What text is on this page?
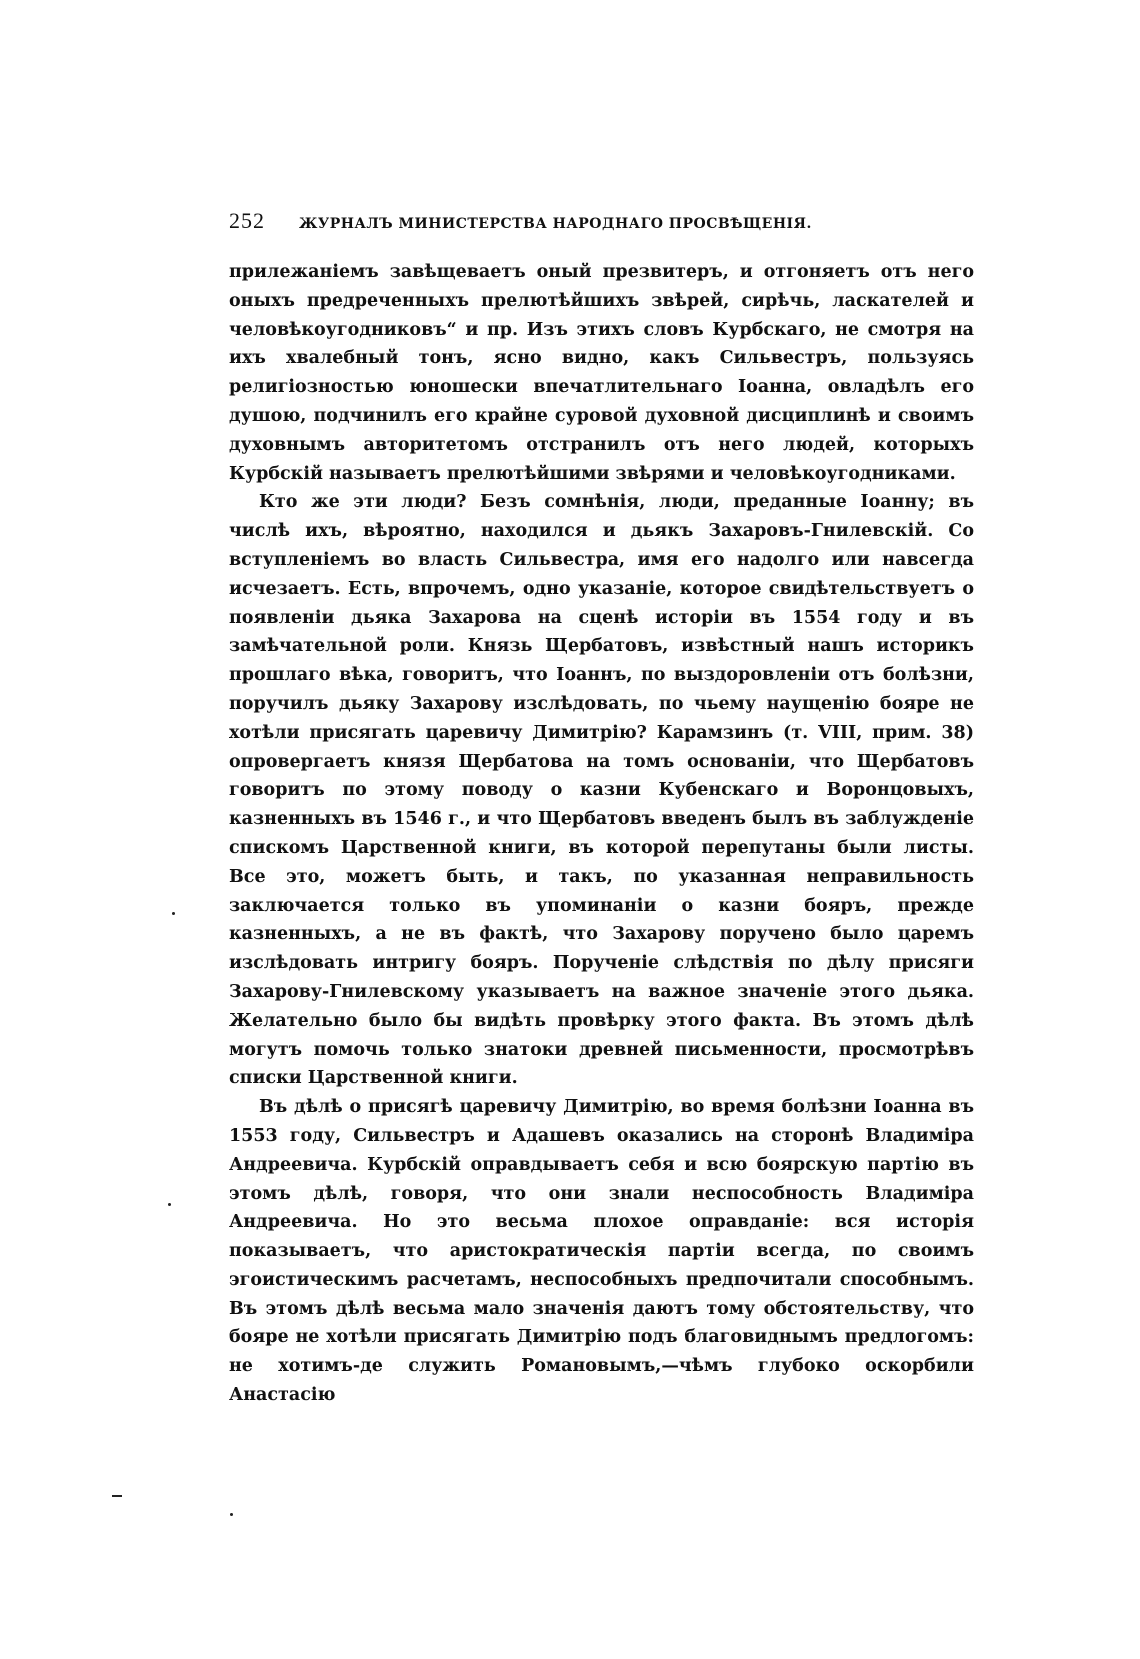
252	ЖУРНАЛЪ МИНИСТЕРСТВА НАРОДНАГО ПРОСВѢЩЕНІЯ.

прилежаніемъ завѣщеваетъ оный презвитеръ, и отгоняетъ отъ него оныхъ предреченныхъ прелютѣйшихъ звѣрей, сирѣчь, ласкателей и человѣкоугодниковъ“ и пр. Изъ этихъ словъ Курбскаго, не смотря на ихъ хвалебный тонъ, ясно видно, какъ Сильвестръ, пользуясь религіозностью юношески впечатлительнаго Іоанна, овладѣлъ его душою, подчинилъ его крайне суровой духовной дисциплинѣ и своимъ духовнымъ авторитетомъ отстранилъ отъ него людей, которыхъ Курбскій называетъ прелютѣйшими звѣрями и человѣкоугодниками.

Кто же эти люди? Безъ сомнѣнія, люди, преданные Іоанну; въ числѣ ихъ, вѣроятно, находился и дьякъ Захаровъ-Гнилевскій. Со вступленіемъ во власть Сильвестра, имя его надолго или навсегда исчезаетъ. Есть, впрочемъ, одно указаніе, которое свидѣтельствуетъ о появленіи дьяка Захарова на сценѣ исторіи въ 1554 году и въ замѣчательной роли. Князь Щербатовъ, извѣстный нашъ историкъ прошлаго вѣка, говоритъ, что Іоаннъ, по выздоровленіи отъ болѣзни, поручилъ дьяку Захарову изслѣдовать, по чьему наущенію бояре не хотѣли присягать царевичу Димитрію? Карамзинъ (т. VIII, прим. 38) опровергаетъ князя Щербатова на томъ основаніи, что Щербатовъ говоритъ по этому поводу о казни Кубенскаго и Воронцовыхъ, казненныхъ въ 1546 г., и что Щербатовъ введенъ былъ въ заблужденіе спискомъ Царственной книги, въ которой перепутаны были листы. Все это, можетъ быть, и такъ, по указанная неправильность заключается только въ упоминаніи о казни бояръ, прежде казненныхъ, а не въ фактѣ, что Захарову поручено было царемъ изслѣдовать интригу бояръ. Порученіе слѣдствія по дѣлу присяги Захарову-Гнилевскому указываетъ на важное значеніе этого дьяка. Желательно было бы видѣть провѣрку этого факта. Въ этомъ дѣлѣ могутъ помочь только знатоки древней письменности, просмотрѣвъ списки Царственной книги.

Въ дѣлѣ о присягѣ царевичу Димитрію, во время болѣзни Іоанна въ 1553 году, Сильвестръ и Адашевъ оказались на сторонѣ Владиміра Андреевича. Курбскій оправдываетъ себя и всю боярскую партію въ этомъ дѣлѣ, говоря, что они знали неспособность Владиміра Андреевича. Но это весьма плохое оправданіе: вся исторія показываетъ, что аристократическія партіи всегда, по своимъ эгоистическимъ расчетамъ, неспособныхъ предпочитали способнымъ. Въ этомъ дѣлѣ весьма мало значенія даютъ тому обстоятельству, что бояре не хотѣли присягать Димитрію подъ благовиднымъ предлогомъ: не хотимъ-де служить Романовымъ,—чѣмъ глубоко оскорбили Анастасію
